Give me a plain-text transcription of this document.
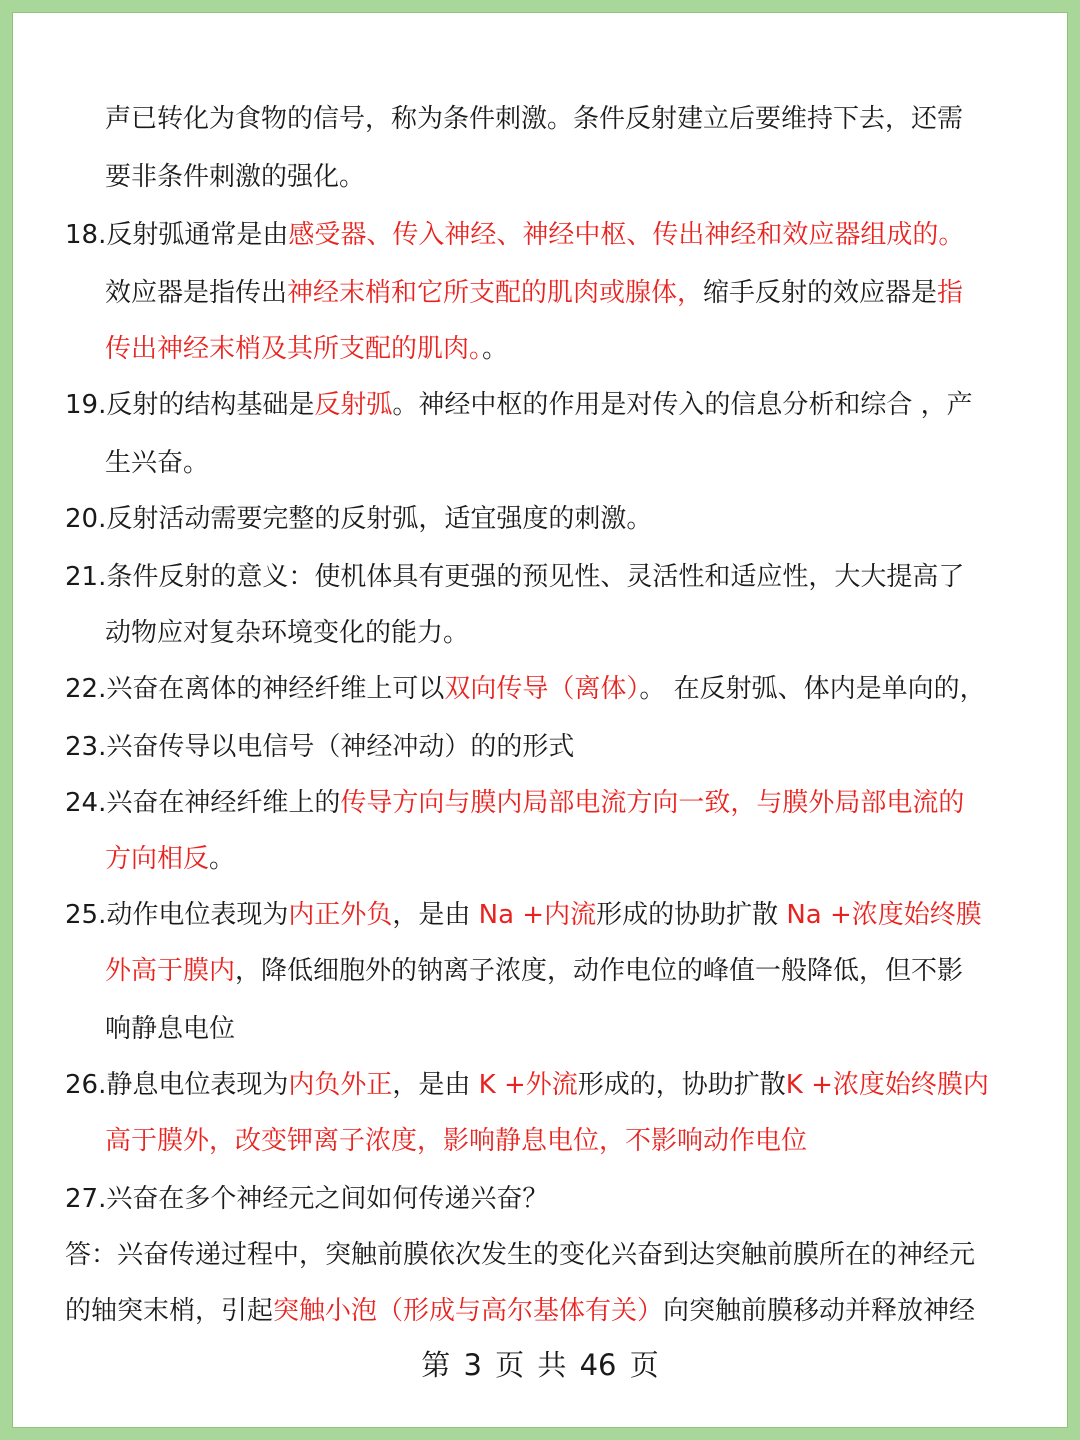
第 3 页 共 46 页
声已转化为食物的信号，称为条件刺激。条件反射建立后要维持下去，还需
要非条件刺激的强化。
18.反射弧通常是由感受器、传入神经、神经中枢、传出神经和效应器组成的。
效应器是指传出神经末梢和它所支配的肌肉或腺体，缩手反射的效应器是指
传出神经末梢及其所支配的肌肉。。
19.反射的结构基础是反射弧。神经中枢的作用是对传入的信息分析和综合 ，产
生兴奋。
20.反射活动需要完整的反射弧，适宜强度的刺激。
21.条件反射的意义：使机体具有更强的预见性、灵活性和适应性，大大提高了
动物应对复杂环境变化的能力。
22.兴奋在离体的神经纤维上可以双向传导（离体）。 在反射弧、体内是单向的，
23.兴奋传导以电信号（神经冲动）的的形式
24.兴奋在神经纤维上的传导方向与膜内局部电流方向一致，与膜外局部电流的
方向相反。
25.动作电位表现为内正外负，是由 Na +内流形成的协助扩散 Na +浓度始终膜
外高于膜内，降低细胞外的钠离子浓度，动作电位的峰值一般降低，但不影
响静息电位
26.静息电位表现为内负外正，是由 K +外流形成的，协助扩散K +浓度始终膜内
高于膜外，改变钾离子浓度，影响静息电位，不影响动作电位
27.兴奋在多个神经元之间如何传递兴奋？
答：兴奋传递过程中，突触前膜依次发生的变化兴奋到达突触前膜所在的神经元
的轴突末梢，引起突触小泡（形成与高尔基体有关）向突触前膜移动并释放神经
